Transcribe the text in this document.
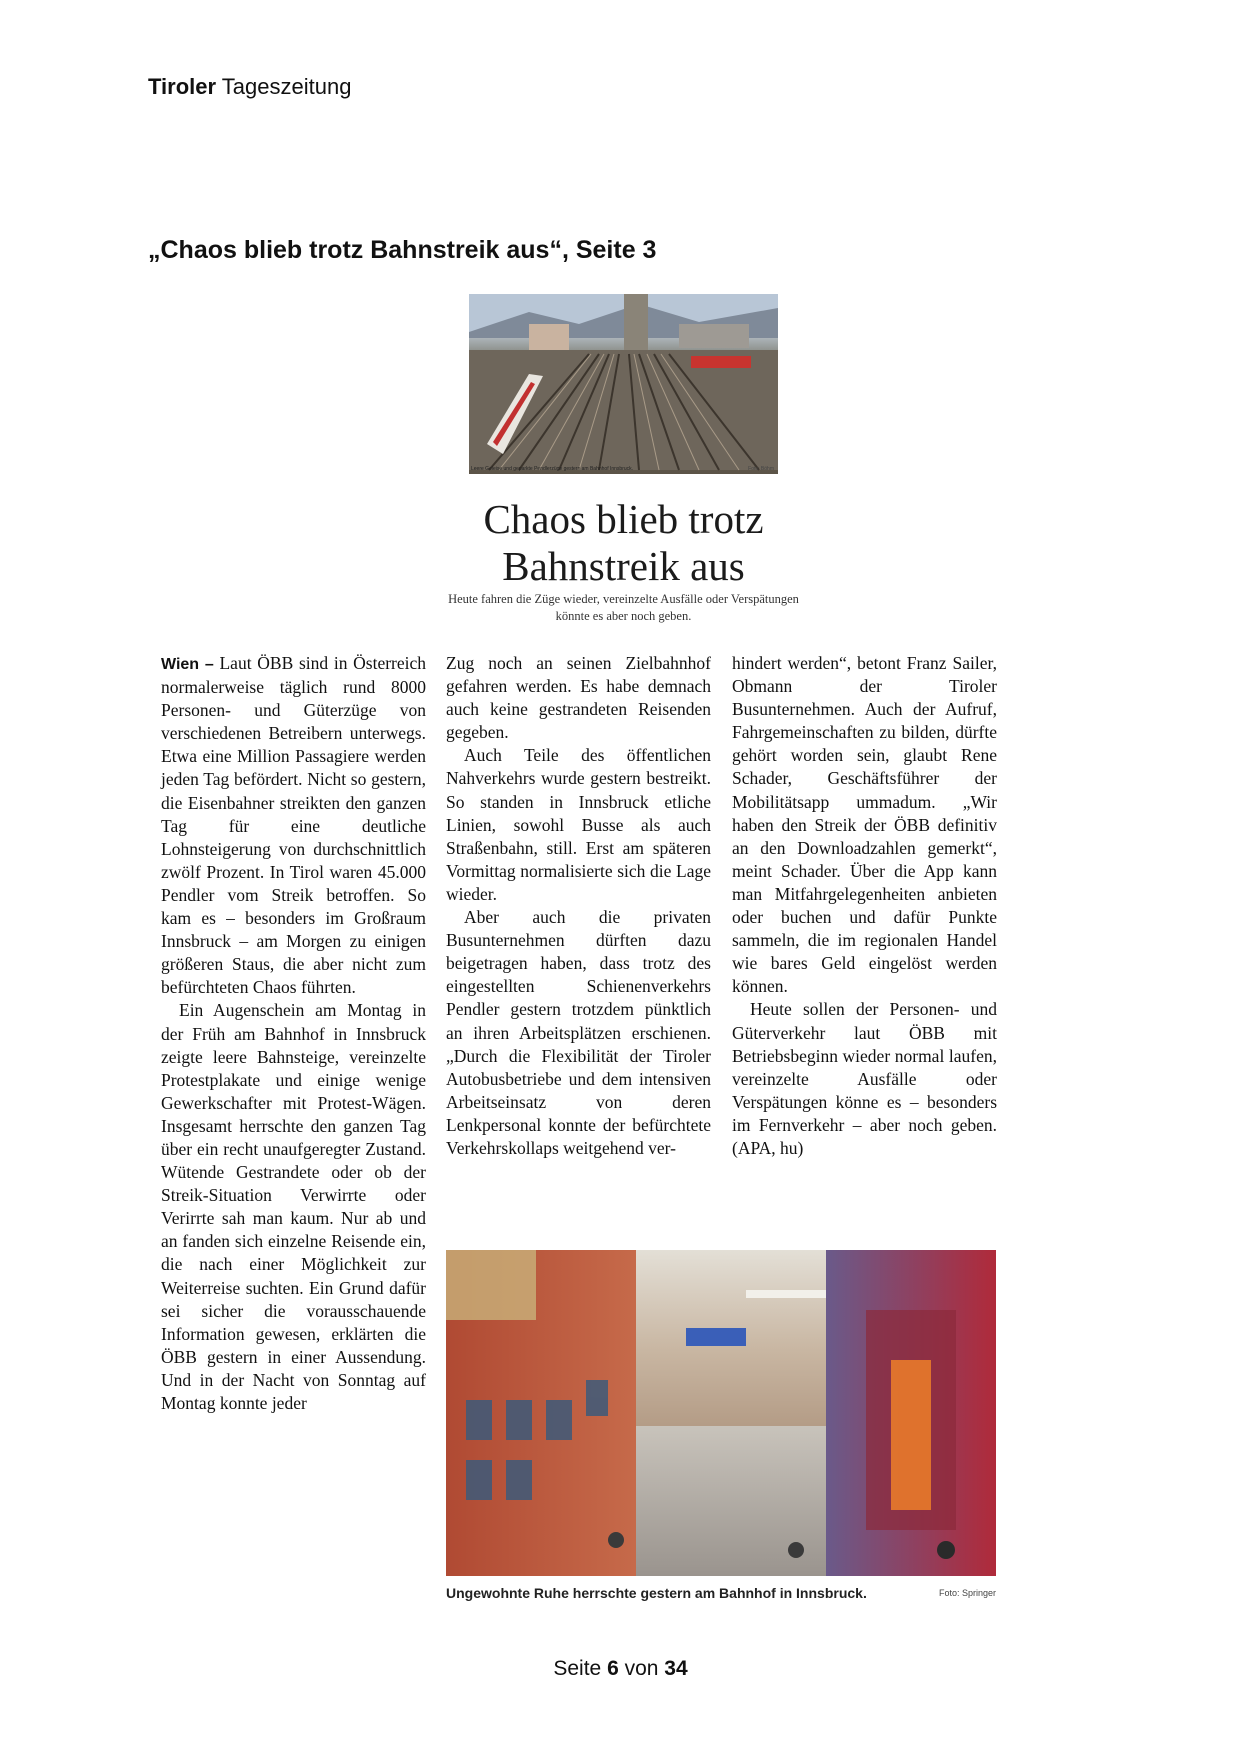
Tiroler Tageszeitung
„Chaos blieb trotz Bahnstreik aus“, Seite 3
Leere Geleise und geparkte Pendlerzüge gestern am Bahnhof Innsbruck.	Foto: Böhm
Chaos blieb trotz Bahnstreik aus
Heute fahren die Züge wieder, vereinzelte Ausfälle oder Verspätungen könnte es aber noch geben.

Wien – Laut ÖBB sind in Österreich normalerweise täglich rund 8000 Personen- und Güterzüge von verschiedenen Betreibern unterwegs. Etwa eine Million Passagiere werden jeden Tag befördert. Nicht so gestern, die Eisenbahner streikten den ganzen Tag für eine deutliche Lohnsteigerung von durchschnittlich zwölf Prozent. In Tirol waren 45.000 Pendler vom Streik betroffen. So kam es – besonders im Großraum Innsbruck – am Morgen zu einigen größeren Staus, die aber nicht zum befürchteten Chaos führten.

Ein Augenschein am Montag in der Früh am Bahnhof in Innsbruck zeigte leere Bahnsteige, vereinzelte Protestplakate und einige wenige Gewerkschafter mit Protest-Wägen. Insgesamt herrschte den ganzen Tag über ein recht unaufgeregter Zustand. Wütende Gestrandete oder ob der Streik-Situation Verwirrte oder Verirrte sah man kaum. Nur ab und an fanden sich einzelne Reisende ein, die nach einer Möglichkeit zur Weiterreise suchten. Ein Grund dafür sei sicher die vorausschauende Information gewesen, erklärten die ÖBB gestern in einer Aussendung. Und in der Nacht von Sonntag auf Montag konnte jeder

Zug noch an seinen Zielbahnhof gefahren werden. Es habe demnach auch keine gestrandeten Reisenden gegeben.

Auch Teile des öffentlichen Nahverkehrs wurde gestern bestreikt. So standen in Innsbruck etliche Linien, sowohl Busse als auch Straßenbahn, still. Erst am späteren Vormittag normalisierte sich die Lage wieder.

Aber auch die privaten Busunternehmen dürften dazu beigetragen haben, dass trotz des eingestellten Schienenverkehrs Pendler gestern trotzdem pünktlich an ihren Arbeitsplätzen erschienen. „Durch die Flexibilität der Tiroler Autobusbetriebe und dem intensiven Arbeitseinsatz von deren Lenkpersonal konnte der befürchtete Verkehrskollaps weitgehend ver-

hindert werden“, betont Franz Sailer, Obmann der Tiroler Busunternehmen. Auch der Aufruf, Fahrgemeinschaften zu bilden, dürfte gehört worden sein, glaubt Rene Schader, Geschäftsführer der Mobilitätsapp ummadum. „Wir haben den Streik der ÖBB definitiv an den Downloadzahlen gemerkt“, meint Schader. Über die App kann man Mitfahrgelegenheiten anbieten oder buchen und dafür Punkte sammeln, die im regionalen Handel wie bares Geld eingelöst werden können.

Heute sollen der Personen- und Güterverkehr laut ÖBB mit Betriebsbeginn wieder normal laufen, vereinzelte Ausfälle oder Verspätungen könne es – besonders im Fernverkehr – aber noch geben. (APA, hu)

Ungewohnte Ruhe herrschte gestern am Bahnhof in Innsbruck.	Foto: Springer
Seite 6 von 34
